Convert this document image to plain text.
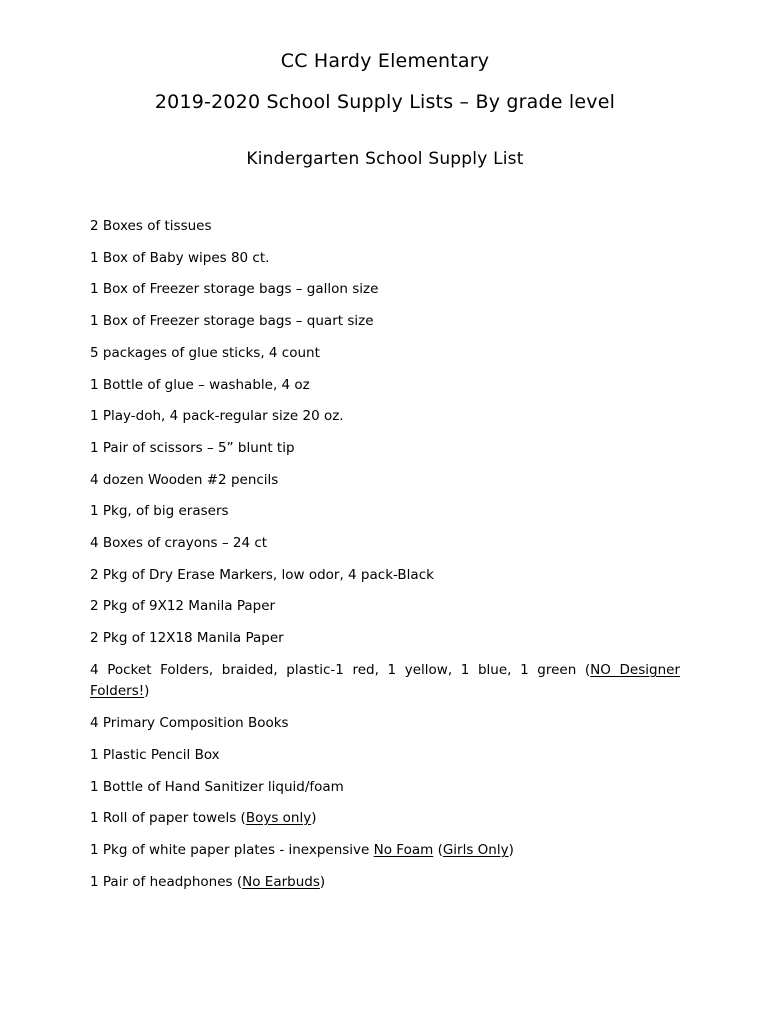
CC Hardy Elementary
2019-2020 School Supply Lists – By grade level
Kindergarten School Supply List
2 Boxes of tissues
1 Box of Baby wipes 80 ct.
1 Box of Freezer storage bags – gallon size
1 Box of Freezer storage bags – quart size
5 packages of glue sticks, 4 count
1 Bottle of glue – washable, 4 oz
1 Play-doh, 4 pack-regular size 20 oz.
1 Pair of scissors – 5” blunt tip
4 dozen Wooden #2 pencils
1 Pkg, of big erasers
4 Boxes of crayons – 24 ct
2 Pkg of Dry Erase Markers, low odor, 4 pack-Black
2 Pkg of 9X12 Manila Paper
2 Pkg of 12X18 Manila Paper
4 Pocket Folders, braided, plastic-1 red, 1 yellow, 1 blue, 1 green (NO Designer Folders!)
4 Primary Composition Books
1 Plastic Pencil Box
1 Bottle of Hand Sanitizer liquid/foam
1 Roll of paper towels (Boys only)
1 Pkg of white paper plates - inexpensive No Foam (Girls Only)
1 Pair of headphones (No Earbuds)
